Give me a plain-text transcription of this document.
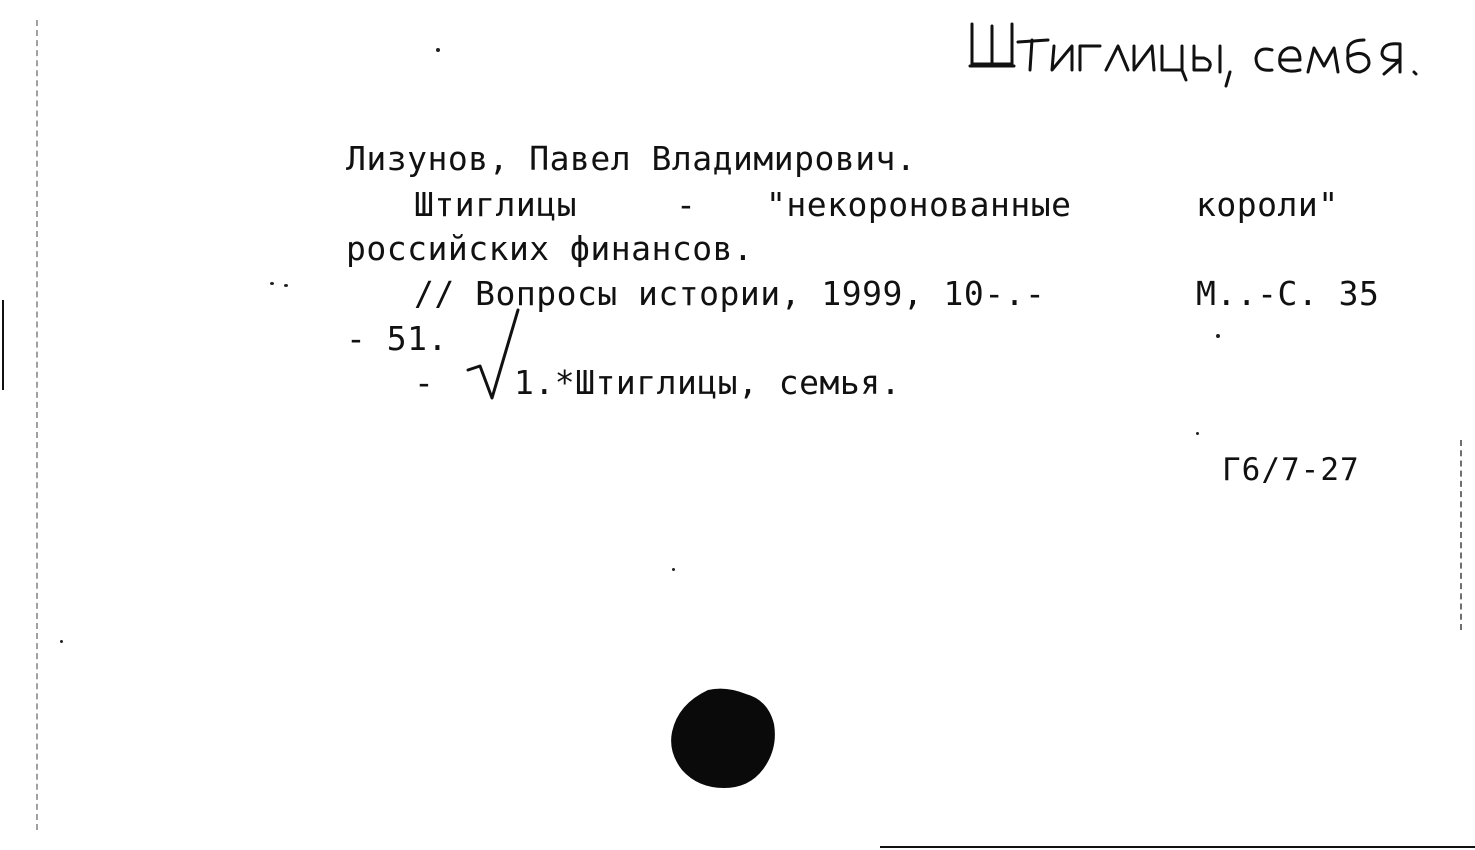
Лизунов, Павел Владимирович.
Штиглицы	- "некоронованные	короли"
российских финансов.
// Вопросы истории, 1999, 10-.-	М..-С. 35
- 51.
- 1.*Штиглицы, семья.
Г6/7-27
